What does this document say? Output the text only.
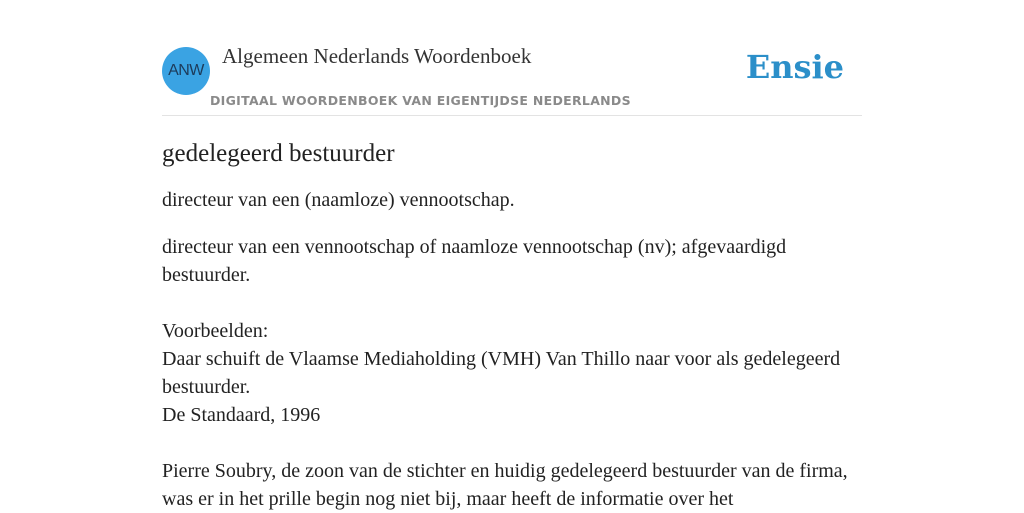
ANW
Algemeen Nederlands Woordenboek
DIGITAAL WOORDENBOEK VAN EIGENTIJDSE NEDERLANDS
Ensie
gedelegeerd bestuurder

directeur van een (naamloze) vennootschap.

directeur van een vennootschap of naamloze vennootschap (nv); afgevaardigd bestuurder.

Voorbeelden:
Daar schuift de Vlaamse Mediaholding (VMH) Van Thillo naar voor als gedelegeerd bestuurder.
De Standaard, 1996
Pierre Soubry, de zoon van de stichter en huidig gedelegeerd bestuurder van de firma, was er in het prille begin nog niet bij, maar heeft de informatie over het
